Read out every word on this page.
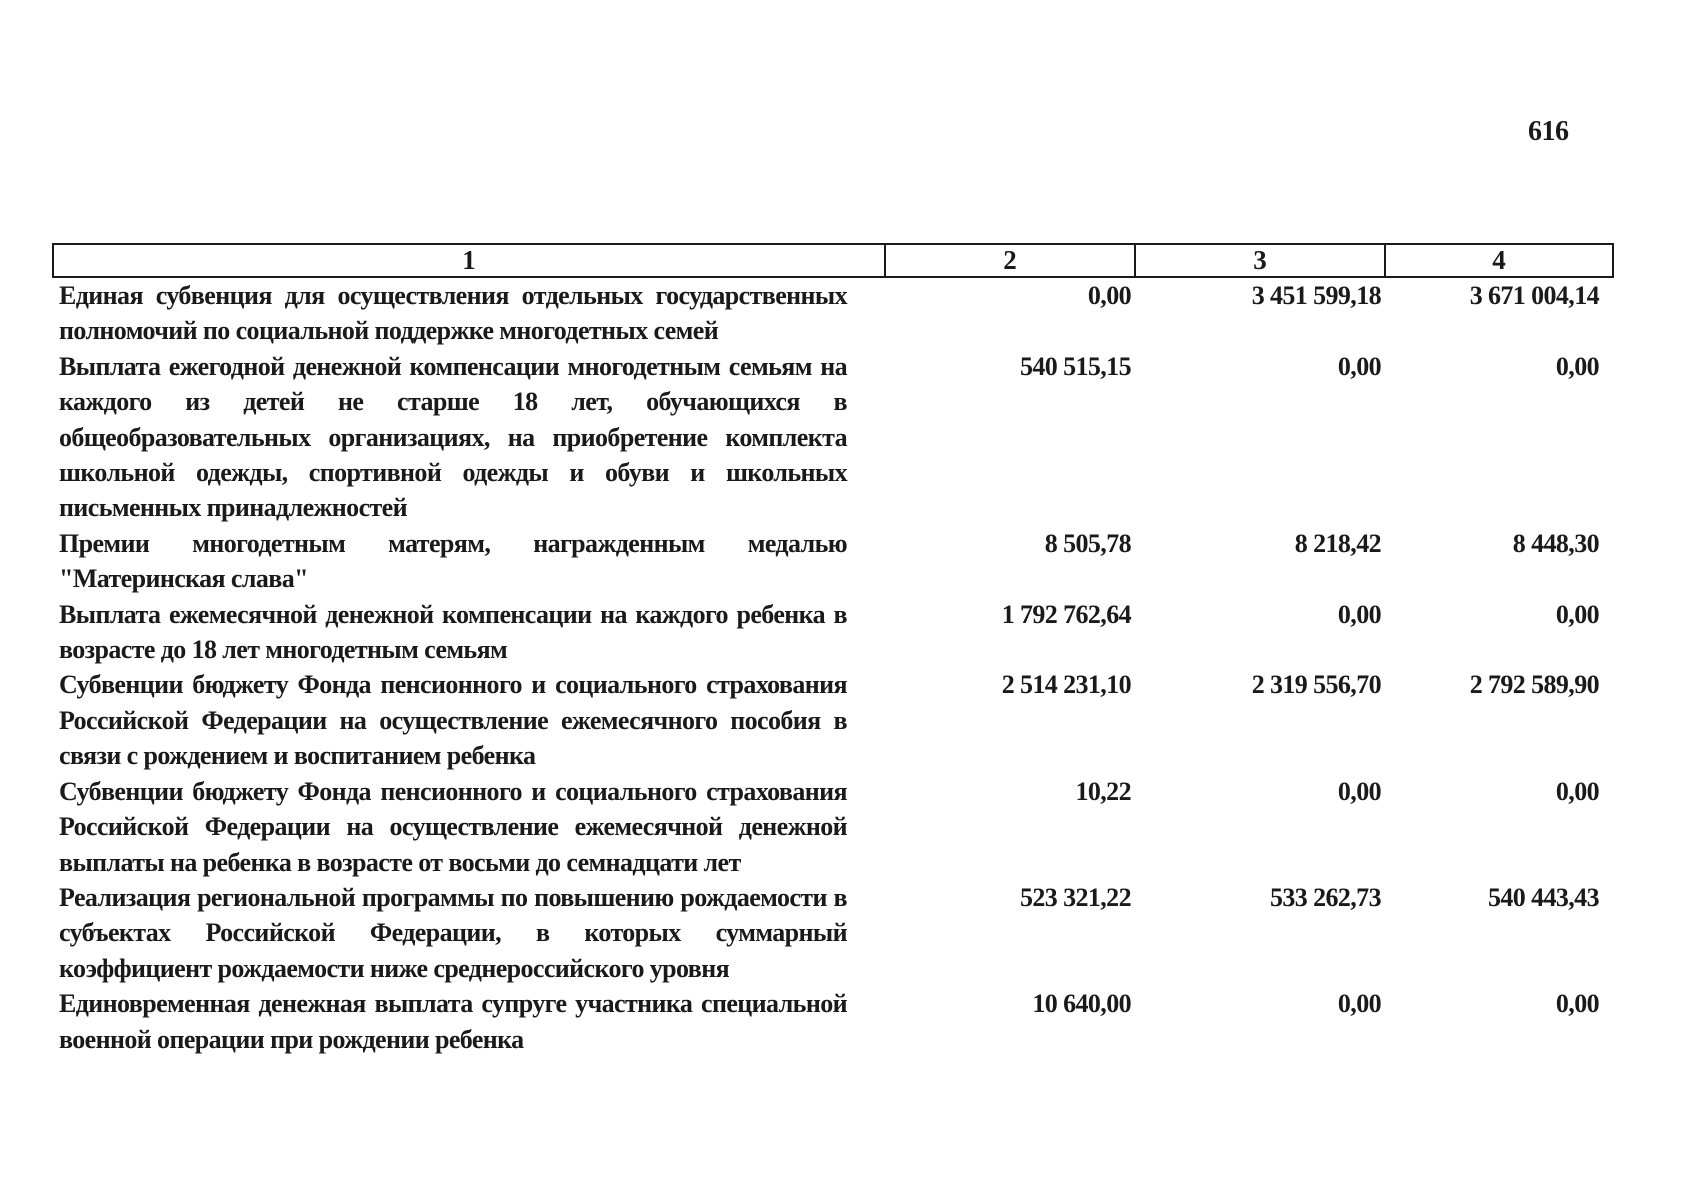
616
1	2	3	4
Единая субвенция для осуществления отдельных государственных полномочий по социальной поддержке многодетных семей	0,00	3 451 599,18	3 671 004,14
Выплата ежегодной денежной компенсации многодетным семьям на каждого из детей не старше 18 лет, обучающихся в общеобразовательных организациях, на приобретение комплекта школьной одежды, спортивной одежды и обуви и школьных письменных принадлежностей	540 515,15	0,00	0,00
Премии многодетным матерям, награжденным медалью "Материнская слава"	8 505,78	8 218,42	8 448,30
Выплата ежемесячной денежной компенсации на каждого ребенка в возрасте до 18 лет многодетным семьям	1 792 762,64	0,00	0,00
Субвенции бюджету Фонда пенсионного и социального страхования Российской Федерации на осуществление ежемесячного пособия в связи с рождением и воспитанием ребенка	2 514 231,10	2 319 556,70	2 792 589,90
Субвенции бюджету Фонда пенсионного и социального страхования Российской Федерации на осуществление ежемесячной денежной выплаты на ребенка в возрасте от восьми до семнадцати лет	10,22	0,00	0,00
Реализация региональной программы по повышению рождаемости в субъектах Российской Федерации, в которых суммарный коэффициент рождаемости ниже среднероссийского уровня	523 321,22	533 262,73	540 443,43
Единовременная денежная выплата супруге участника специальной военной операции при рождении ребенка	10 640,00	0,00	0,00
